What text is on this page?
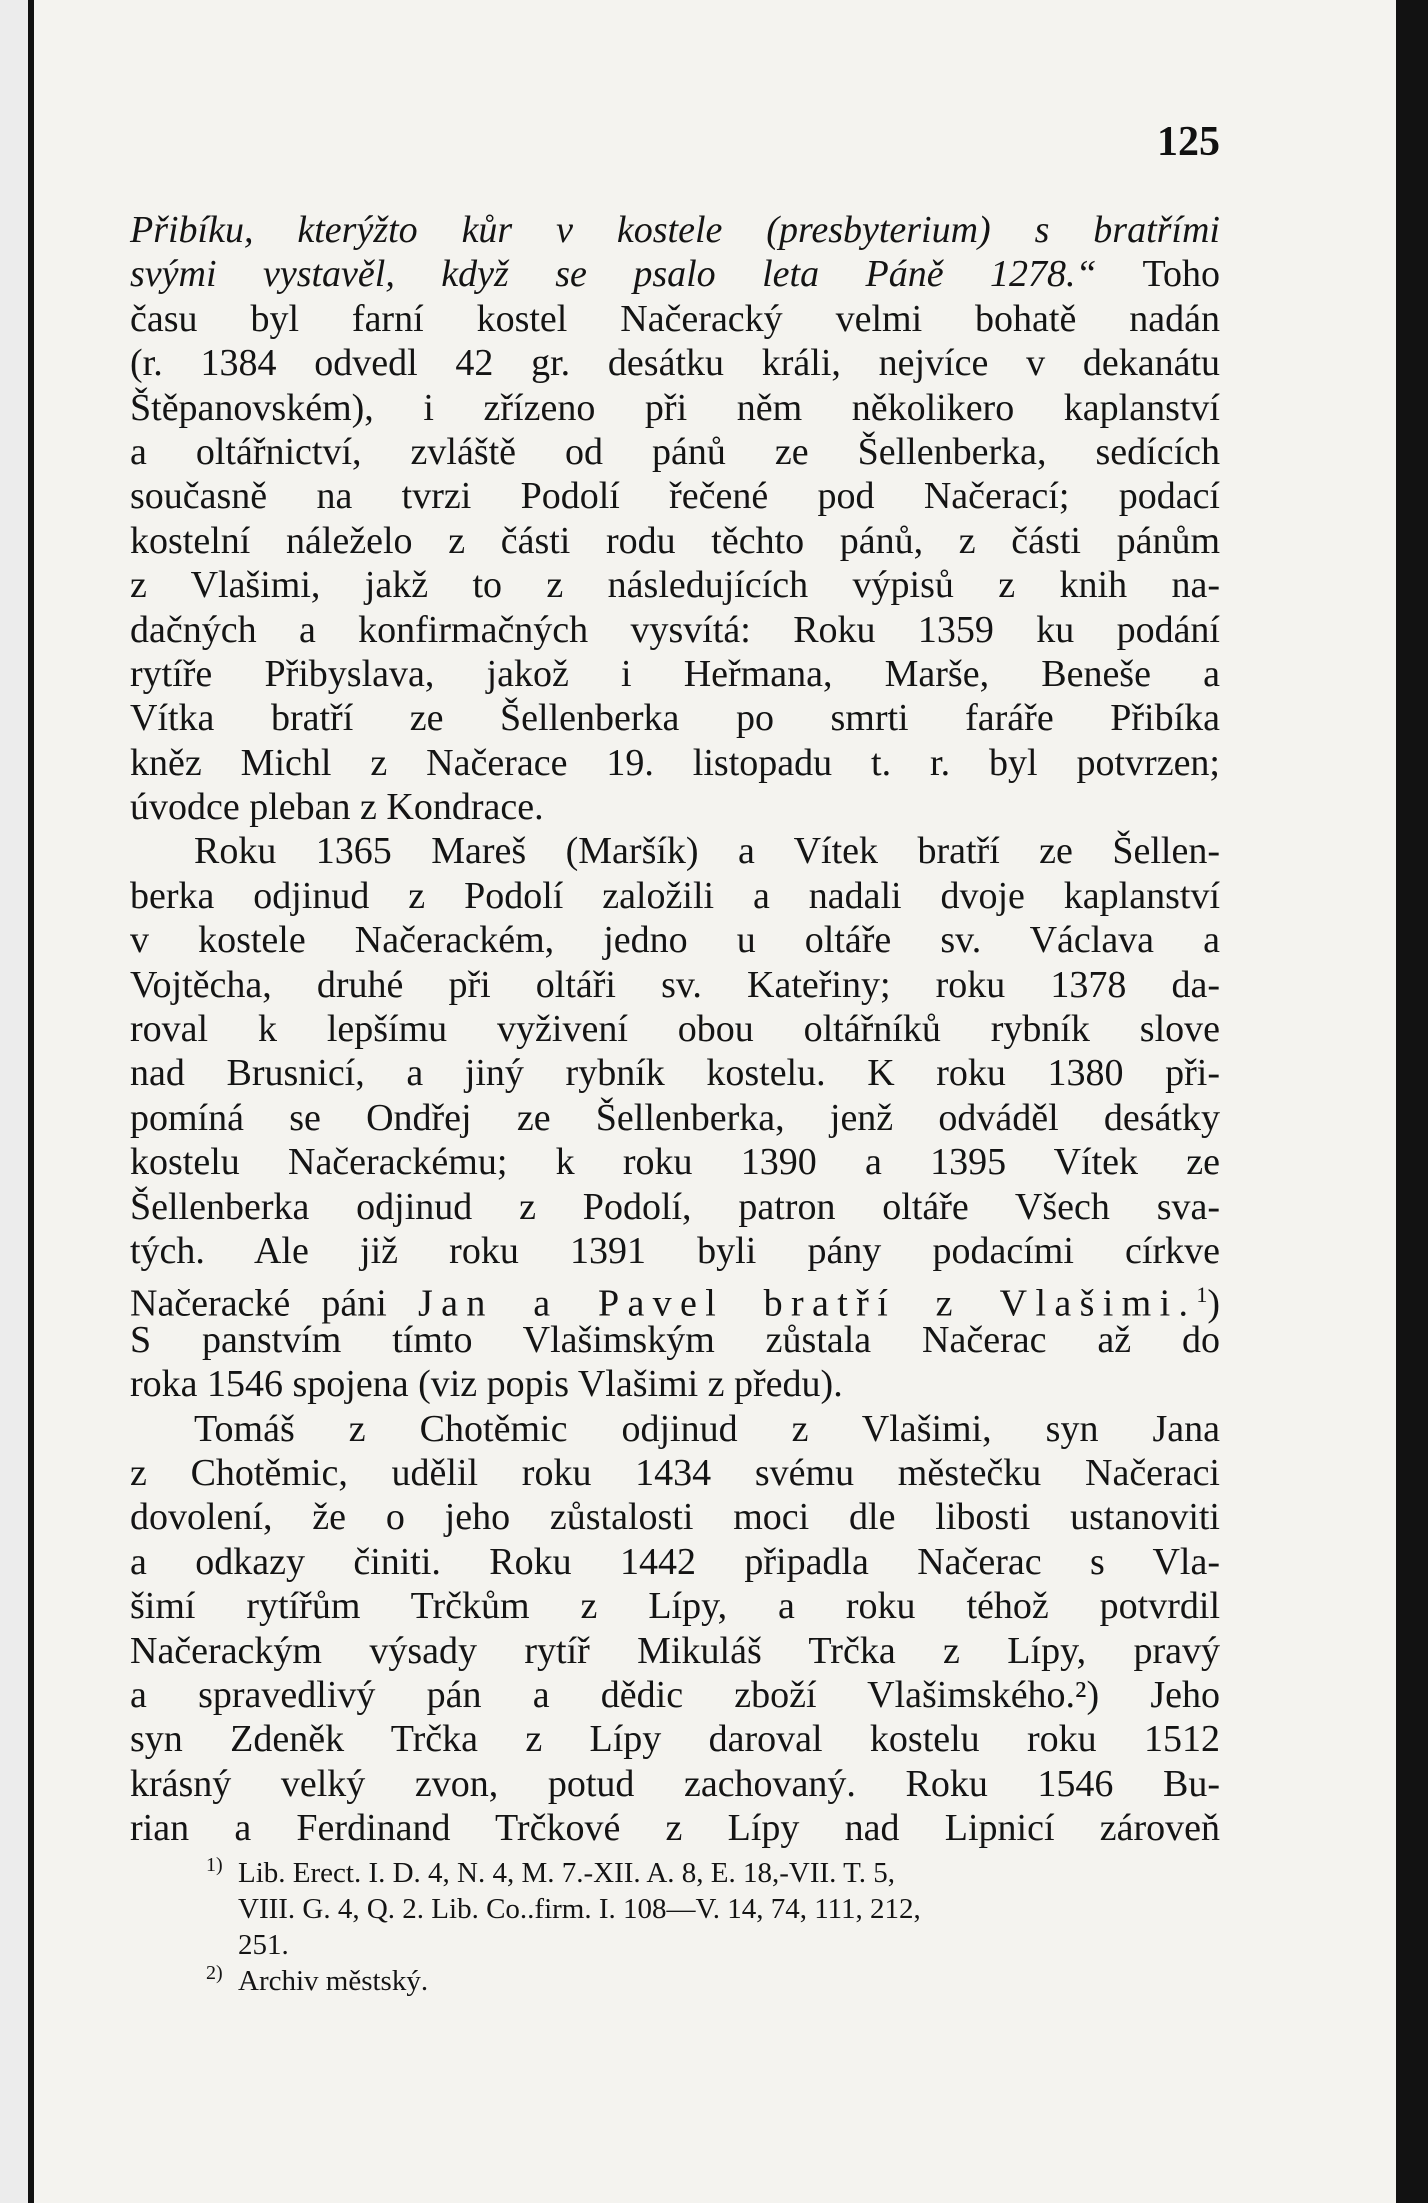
125
Přibíku, kterýžto kůr v kostele (presbyterium) s bratřími
svými vystavěl, když se psalo leta Páně 1278.“ Toho
času byl farní kostel Načeracký velmi bohatě nadán
(r. 1384 odvedl 42 gr. desátku králi, nejvíce v dekanátu
Štěpanovském), i zřízeno při něm několikero kaplanství
a oltářnictví, zvláště od pánů ze Šellenberka, sedících
současně na tvrzi Podolí řečené pod Načerací; podací
kostelní náleželo z části rodu těchto pánů, z části pánům
z Vlašimi, jakž to z následujících výpisů z knih na-
dačných a konfirmačných vysvítá: Roku 1359 ku podání
rytíře Přibyslava, jakož i Heřmana, Marše, Beneše a
Vítka bratří ze Šellenberka po smrti faráře Přibíka
kněz Michl z Načerace 19. listopadu t. r. byl potvrzen;
úvodce pleban z Kondrace.
Roku 1365 Mareš (Maršík) a Vítek bratří ze Šellen-
berka odjinud z Podolí založili a nadali dvoje kaplanství
v kostele Načerackém, jedno u oltáře sv. Václava a
Vojtěcha, druhé při oltáři sv. Kateřiny; roku 1378 da-
roval k lepšímu vyživení obou oltářníků rybník slove
nad Brusnicí, a jiný rybník kostelu. K roku 1380 při-
pomíná se Ondřej ze Šellenberka, jenž odváděl desátky
kostelu Načerackému; k roku 1390 a 1395 Vítek ze
Šellenberka odjinud z Podolí, patron oltáře Všech sva-
tých. Ale již roku 1391 byli pány podacími církve
Načeracké páni Jan a Pavel bratří z Vlašimi.$^1$)
S panstvím tímto Vlašimským zůstala Načerac až do
roka 1546 spojena (viz popis Vlašimi z předu).
Tomáš z Chotěmic odjinud z Vlašimi, syn Jana
z Chotěmic, udělil roku 1434 svému městečku Načeraci
dovolení, že o jeho zůstalosti moci dle libosti ustanoviti
a odkazy činiti. Roku 1442 připadla Načerac s Vla-
šimí rytířům Trčkům z Lípy, a roku téhož potvrdil
Načerackým výsady rytíř Mikuláš Trčka z Lípy, pravý
a spravedlivý pán a dědic zboží Vlašimského.²) Jeho
syn Zdeněk Trčka z Lípy daroval kostelu roku 1512
krásný velký zvon, potud zachovaný. Roku 1546 Bu-
rian a Ferdinand Trčkové z Lípy nad Lipnicí zároveň
1) Lib. Erect. I. D. 4, N. 4, M. 7.-XII. A. 8, E. 18,-VII. T. 5,
VIII. G. 4, Q. 2. Lib. Co..firm. I. 108—V. 14, 74, 111, 212,
251.
2) Archiv městský.
